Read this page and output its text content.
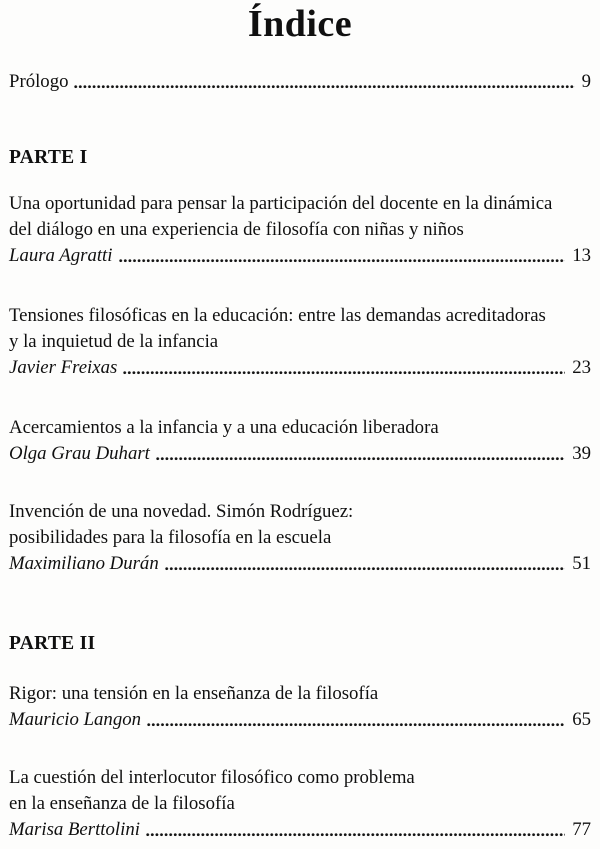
Índice
Prólogo	9
PARTE I
Una oportunidad para pensar la participación del docente en la dinámica
del diálogo en una experiencia de filosofía con niñas y niños
Laura Agratti	13
Tensiones filosóficas en la educación: entre las demandas acreditadoras
y la inquietud de la infancia
Javier Freixas	23
Acercamientos a la infancia y a una educación liberadora
Olga Grau Duhart	39
Invención de una novedad. Simón Rodríguez:
posibilidades para la filosofía en la escuela
Maximiliano Durán	51
PARTE II
Rigor: una tensión en la enseñanza de la filosofía
Mauricio Langon	65
La cuestión del interlocutor filosófico como problema
en la enseñanza de la filosofía
Marisa Berttolini	77
